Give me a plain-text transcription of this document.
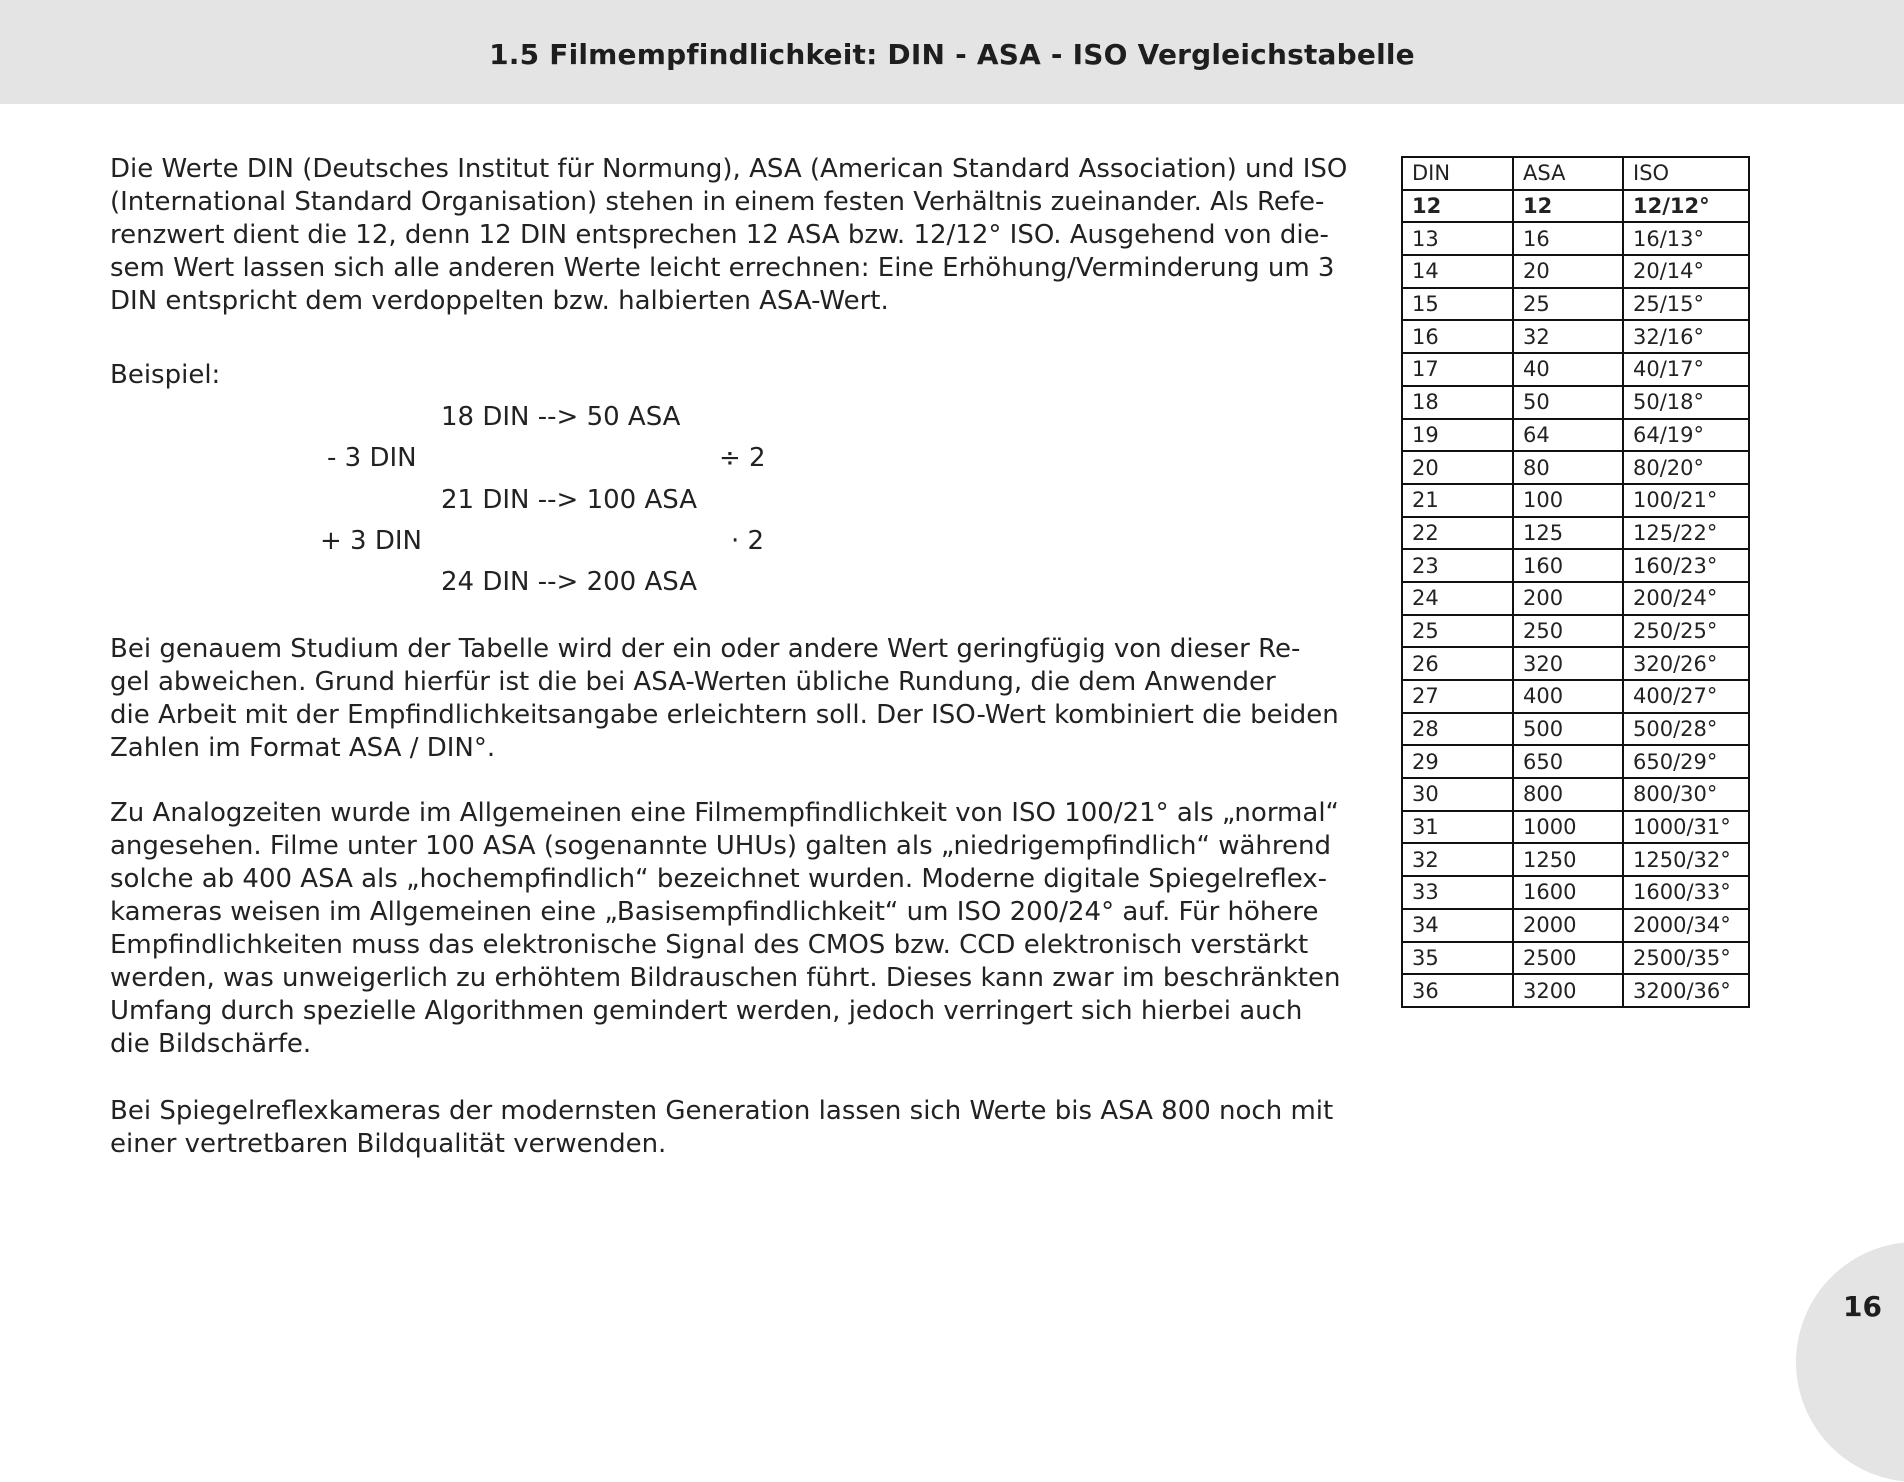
1.5 Filmempfindlichkeit: DIN - ASA - ISO Vergleichstabelle

Die Werte DIN (Deutsches Institut für Normung), ASA (American Standard Association) und ISO
(International Standard Organisation) stehen in einem festen Verhältnis zueinander. Als Refe-
renzwert dient die 12, denn 12 DIN entsprechen 12 ASA bzw. 12/12° ISO. Ausgehend von die-
sem Wert lassen sich alle anderen Werte leicht errechnen: Eine Erhöhung/Verminderung um 3
DIN entspricht dem verdoppelten bzw. halbierten ASA-Wert.

Beispiel:

18 DIN --> 50 ASA
- 3 DIN	÷ 2
21 DIN --> 100 ASA
+ 3 DIN	· 2
24 DIN --> 200 ASA

Bei genauem Studium der Tabelle wird der ein oder andere Wert geringfügig von dieser Re-
gel abweichen. Grund hierfür ist die bei ASA-Werten übliche Rundung, die dem Anwender
die Arbeit mit der Empfindlichkeitsangabe erleichtern soll. Der ISO-Wert kombiniert die beiden
Zahlen im Format ASA / DIN°.

Zu Analogzeiten wurde im Allgemeinen eine Filmempfindlichkeit von ISO 100/21° als „normal“
angesehen. Filme unter 100 ASA (sogenannte UHUs) galten als „niedrigempfindlich“ während
solche ab 400 ASA als „hochempfindlich“ bezeichnet wurden. Moderne digitale Spiegelreflex-
kameras weisen im Allgemeinen eine „Basisempfindlichkeit“ um ISO 200/24° auf. Für höhere
Empfindlichkeiten muss das elektronische Signal des CMOS bzw. CCD elektronisch verstärkt
werden, was unweigerlich zu erhöhtem Bildrauschen führt. Dieses kann zwar im beschränkten
Umfang durch spezielle Algorithmen gemindert werden, jedoch verringert sich hierbei auch
die Bildschärfe.

Bei Spiegelreflexkameras der modernsten Generation lassen sich Werte bis ASA 800 noch mit
einer vertretbaren Bildqualität verwenden.

DIN	ASA	ISO
12	12	12/12°
13	16	16/13°
14	20	20/14°
15	25	25/15°
16	32	32/16°
17	40	40/17°
18	50	50/18°
19	64	64/19°
20	80	80/20°
21	100	100/21°
22	125	125/22°
23	160	160/23°
24	200	200/24°
25	250	250/25°
26	320	320/26°
27	400	400/27°
28	500	500/28°
29	650	650/29°
30	800	800/30°
31	1000	1000/31°
32	1250	1250/32°
33	1600	1600/33°
34	2000	2000/34°
35	2500	2500/35°
36	3200	3200/36°
16
